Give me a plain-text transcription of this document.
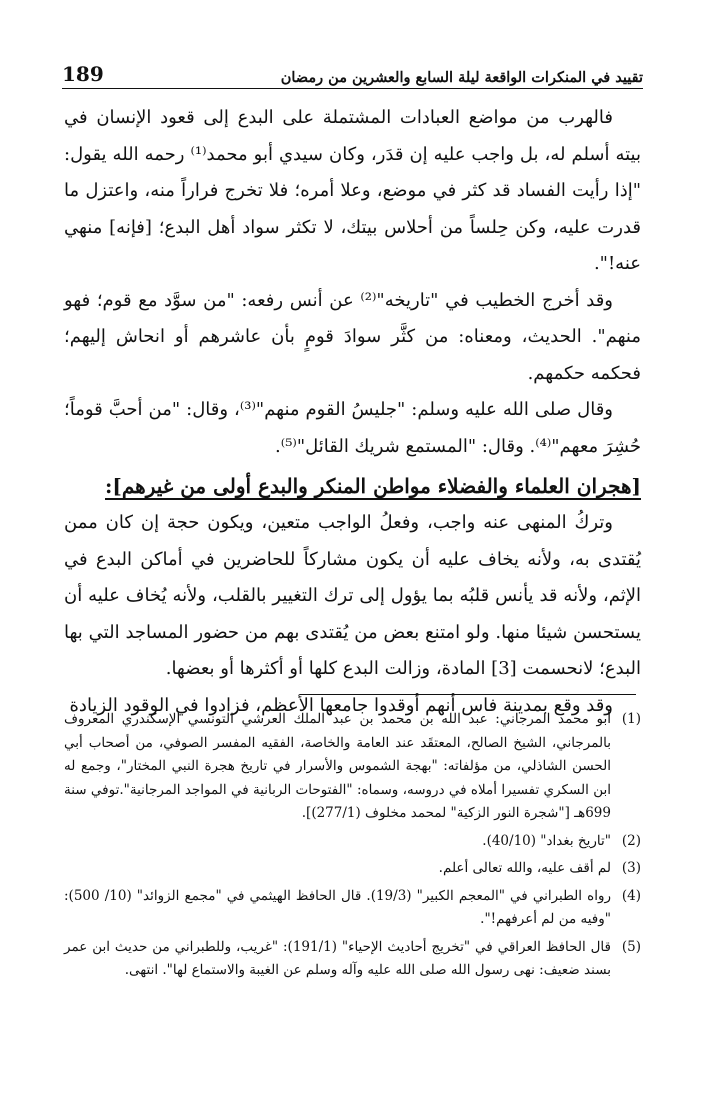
189	تقييد في المنكرات الواقعة ليلة السابع والعشرين من رمضان

فالهرب من مواضع العبادات المشتملة على البدع إلى قعود الإنسان في بيته أسلم له، بل واجب عليه إن قدَر، وكان سيدي أبو محمد⁽¹⁾ رحمه الله يقول: "إذا رأيت الفساد قد كثر في موضع، وعلا أمره؛ فلا تخرج فراراً منه، واعتزل ما قدرت عليه، وكن حِلساً من أحلاس بيتك، لا تكثر سواد أهل البدع؛ [فإنه] منهي عنه!".

وقد أخرج الخطيب في "تاريخه"⁽²⁾ عن أنس رفعه: "من سوَّد مع قوم؛ فهو منهم". الحديث، ومعناه: من كثَّر سوادَ قومٍ بأن عاشرهم أو انحاش إليهم؛ فحكمه حكمهم.

وقال صلى الله عليه وسلم: "جليسُ القوم منهم"⁽³⁾، وقال: "من أحبَّ قوماً؛ حُشِرَ معهم"⁽⁴⁾. وقال: "المستمع شريك القائل"⁽⁵⁾.

[هجران العلماء والفضلاء مواطن المنكر والبدع أولى من غيرهم]:

وتركُ المنهى عنه واجب، وفعلُ الواجب متعين، ويكون حجة إن كان ممن يُقتدى به، ولأنه يخاف عليه أن يكون مشاركاً للحاضرين في أماكن البدع في الإثم، ولأنه قد يأنس قلبُه بما يؤول إلى ترك التغيير بالقلب، ولأنه يُخاف عليه أن يستحسن شيئا منها. ولو امتنع بعض من يُقتدى بهم من حضور المساجد التي بها البدع؛ لانحسمت [3] المادة، وزالت البدع كلها أو أكثرها أو بعضها.

وقد وقع بمدينة فاس أنهم أوقدوا جامعها الأعظم، فزادوا في الوقود الزيادة

(1)
أبو محمد المرجاني: عبد الله بن محمد بن عبد الملك العرشي التونسي الإسكندري المعروف بالمرجاني، الشيخ الصالح، المعتقَد عند العامة والخاصة، الفقيه المفسر الصوفي، من أصحاب أبي الحسن الشاذلي، من مؤلفاته: "بهجة الشموس والأسرار في تاريخ هجرة النبي المختار"، وجمع له ابن السكري تفسيرا أملاه في دروسه، وسماه: "الفتوحات الربانية في المواجد المرجانية".توفي سنة 699هـ ["شجرة النور الزكية" لمحمد مخلوف (277/1)].
(2)
"تاريخ بغداد" (40/10).
(3)
لم أقف عليه، والله تعالى أعلم.
(4)
رواه الطبراني في "المعجم الكبير" (19/3). قال الحافظ الهيثمي في "مجمع الزوائد" (10/ 500): "وفيه من لم أعرفهم!".
(5)
قال الحافظ العراقي في "تخريج أحاديث الإحياء" (191/1): "غريب، وللطبراني من حديث ابن عمر بسند ضعيف: نهى رسول الله صلى الله عليه وآله وسلم عن الغيبة والاستماع لها". انتهى.
